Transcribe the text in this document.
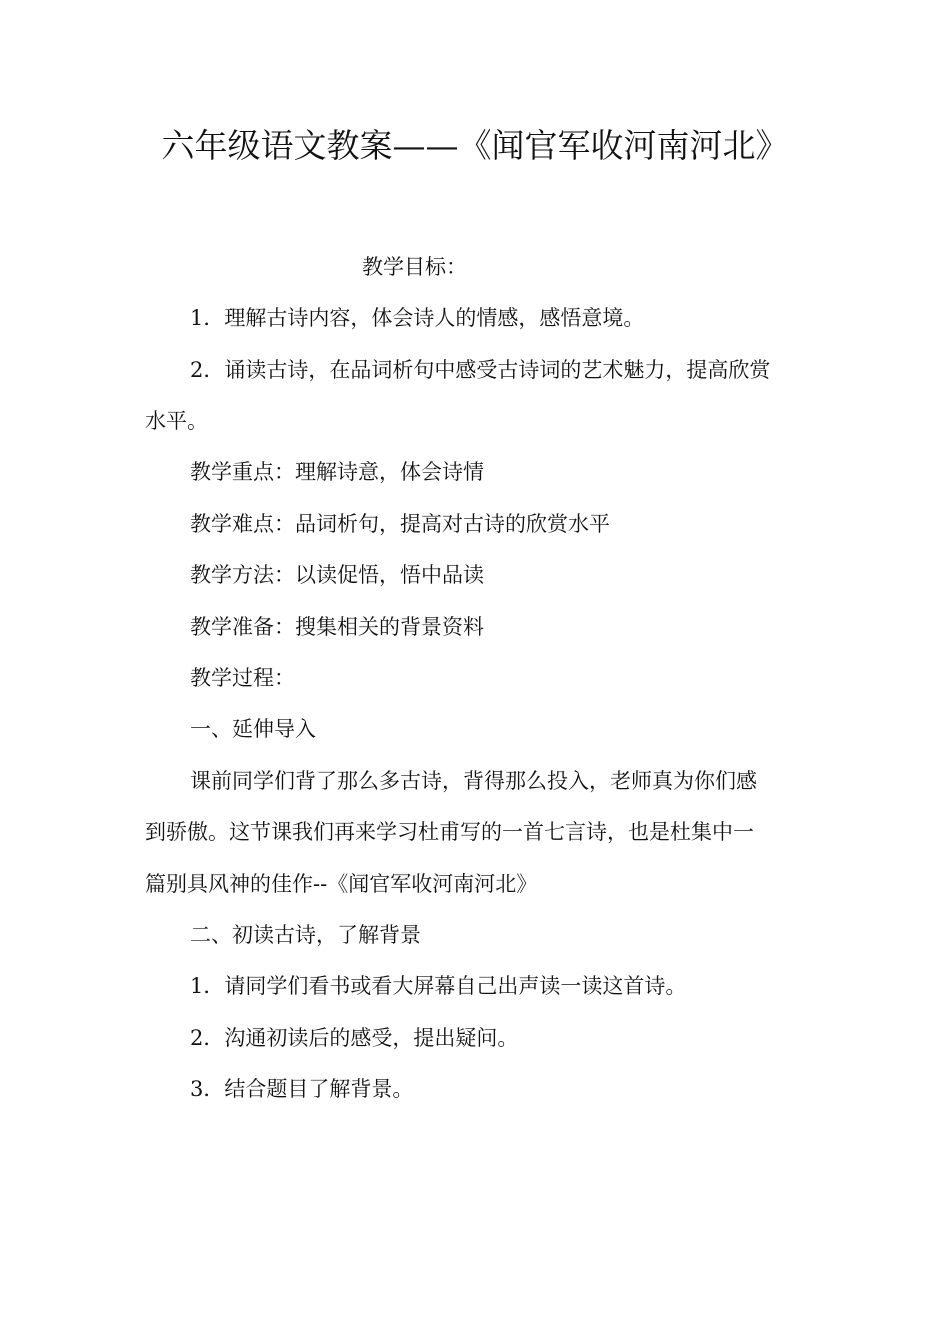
六年级语文教案——《闻官军收河南河北》
教学目标：
1．理解古诗内容，体会诗人的情感，感悟意境。
2．诵读古诗，在品词析句中感受古诗词的艺术魅力，提高欣赏
水平。
教学重点：理解诗意，体会诗情
教学难点：品词析句，提高对古诗的欣赏水平
教学方法：以读促悟，悟中品读
教学准备：搜集相关的背景资料
教学过程：
一、延伸导入
课前同学们背了那么多古诗，背得那么投入，老师真为你们感
到骄傲。这节课我们再来学习杜甫写的一首七言诗，也是杜集中一
篇别具风神的佳作--《闻官军收河南河北》
二、初读古诗，了解背景
1．请同学们看书或看大屏幕自己出声读一读这首诗。
2．沟通初读后的感受，提出疑问。
3．结合题目了解背景。
